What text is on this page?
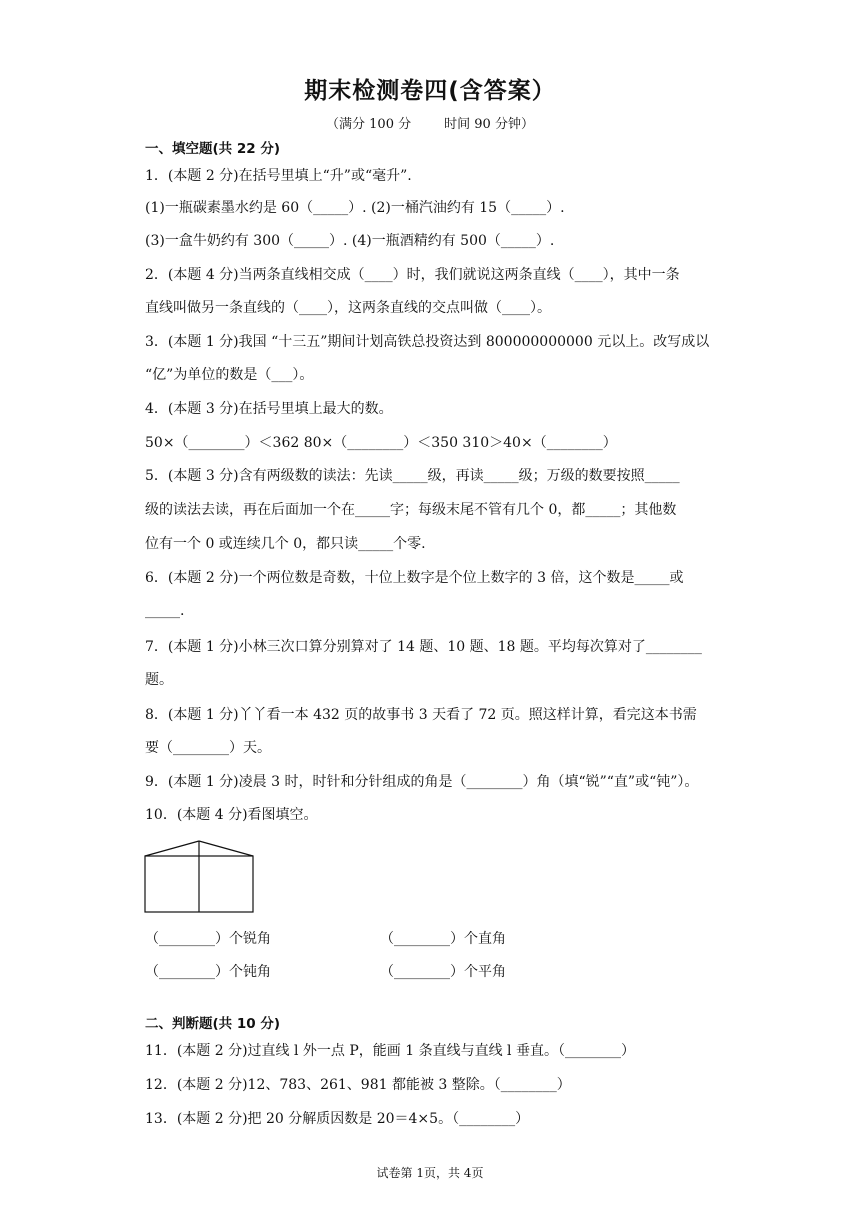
期末检测卷四(含答案）
（满分 100 分        时间 90 分钟）
一、填空题(共 22 分)
1．(本题 2 分)在括号里填上“升”或“毫升”.
(1)一瓶碳素墨水约是 60（_____）. (2)一桶汽油约有 15（_____）.
(3)一盒牛奶约有 300（_____）. (4)一瓶酒精约有 500（_____）.
2．(本题 4 分)当两条直线相交成（____）时，我们就说这两条直线（____），其中一条
直线叫做另一条直线的（____），这两条直线的交点叫做（____）。
3．(本题 1 分)我国 “十三五”期间计划高铁总投资达到 800000000000 元以上。改写成以
“亿”为单位的数是（___）。
4．(本题 3 分)在括号里填上最大的数。
50×（________）＜362 80×（________）＜350 310＞40×（________）
5．(本题 3 分)含有两级数的读法：先读_____级，再读_____级；万级的数要按照_____
级的读法去读，再在后面加一个在_____字；每级末尾不管有几个 0，都_____；其他数
位有一个 0 或连续几个 0，都只读_____个零.
6．(本题 2 分)一个两位数是奇数，十位上数字是个位上数字的 3 倍，这个数是_____或
_____.
7．(本题 1 分)小林三次口算分别算对了 14 题、10 题、18 题。平均每次算对了________
题。
8．(本题 1 分)丫丫看一本 432 页的故事书 3 天看了 72 页。照这样计算，看完这本书需
要（________）天。
9．(本题 1 分)凌晨 3 时，时针和分针组成的角是（________）角（填“锐”“直”或“钝”）。
10．(本题 4 分)看图填空。
（________）个锐角	（________）个直角
（________）个钝角	（________）个平角
二、判断题(共 10 分)
11．(本题 2 分)过直线 l 外一点 P，能画 1 条直线与直线 l 垂直。（________）
12．(本题 2 分)12、783、261、981 都能被 3 整除。（________）
13．(本题 2 分)把 20 分解质因数是 20＝4×5。（________）
试卷第 1页，共 4页
